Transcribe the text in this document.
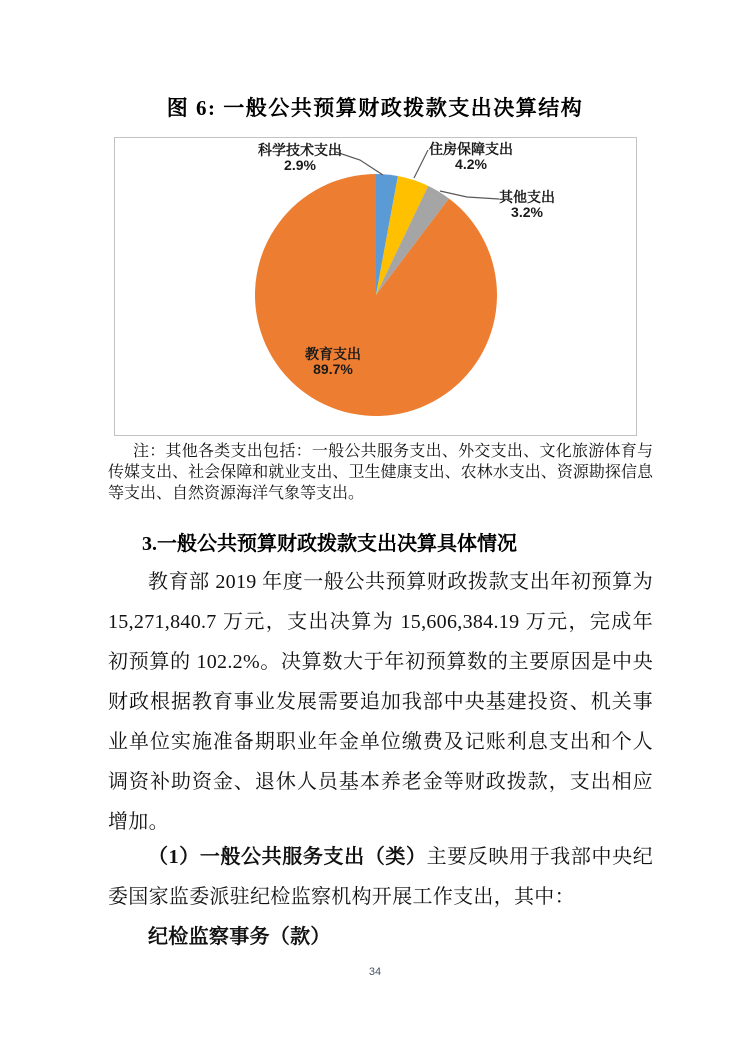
图 6: 一般公共预算财政拨款支出决算结构
科学技术支出
2.9%
住房保障支出
4.2%
其他支出
3.2%
教育支出
89.7%
注：其他各类支出包括：一般公共服务支出、外交支出、文化旅游体育与传媒支出、社会保障和就业支出、卫生健康支出、农林水支出、资源勘探信息等支出、自然资源海洋气象等支出。
3.一般公共预算财政拨款支出决算具体情况
教育部 2019 年度一般公共预算财政拨款支出年初预算为 15,271,840.7 万元，支出决算为 15,606,384.19 万元，完成年初预算的 102.2%。决算数大于年初预算数的主要原因是中央财政根据教育事业发展需要追加我部中央基建投资、机关事业单位实施准备期职业年金单位缴费及记账利息支出和个人调资补助资金、退休人员基本养老金等财政拨款，支出相应增加。
（1）一般公共服务支出（类）主要反映用于我部中央纪委国家监委派驻纪检监察机构开展工作支出，其中：
纪检监察事务（款）
34
